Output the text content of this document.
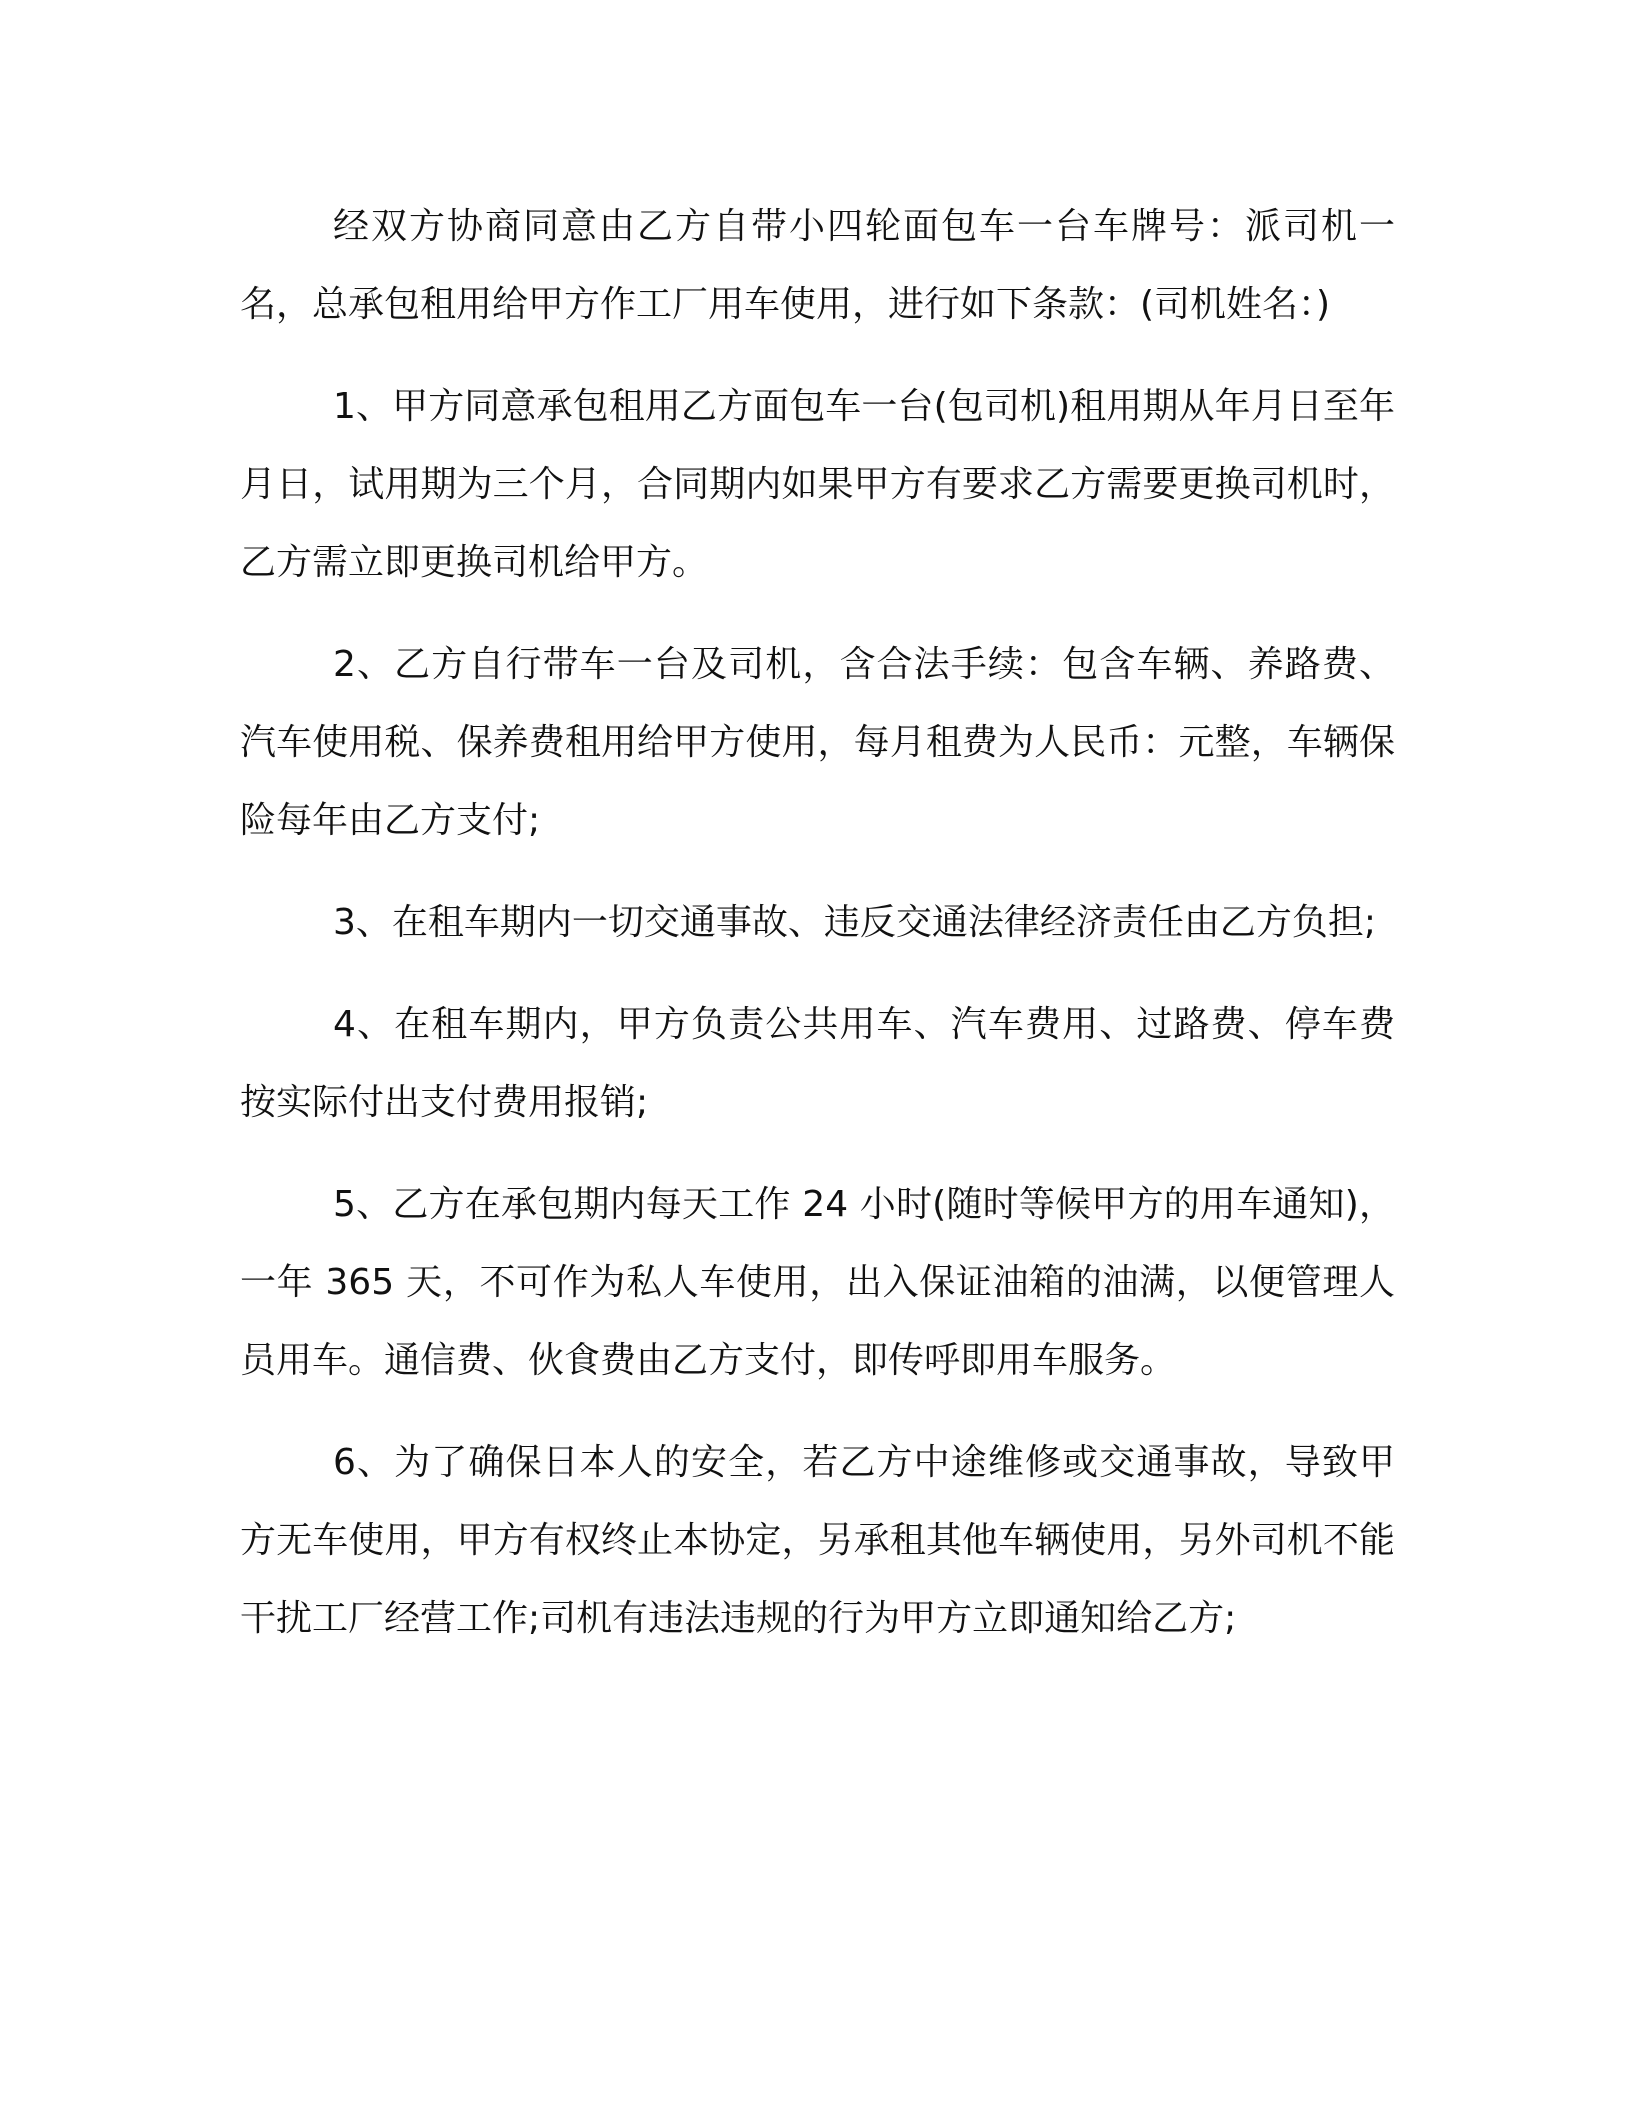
经双方协商同意由乙方自带小四轮面包车一台车牌号：派司机一名，总承包租用给甲方作工厂用车使用，进行如下条款：(司机姓名：)

1、甲方同意承包租用乙方面包车一台(包司机)租用期从年月日至年月日，试用期为三个月，合同期内如果甲方有要求乙方需要更换司机时，乙方需立即更换司机给甲方。

2、乙方自行带车一台及司机，含合法手续：包含车辆、养路费、汽车使用税、保养费租用给甲方使用，每月租费为人民币：元整，车辆保险每年由乙方支付;

3、在租车期内一切交通事故、违反交通法律经济责任由乙方负担;

4、在租车期内，甲方负责公共用车、汽车费用、过路费、停车费按实际付出支付费用报销;

5、乙方在承包期内每天工作 24 小时(随时等候甲方的用车通知)，一年 365 天，不可作为私人车使用，出入保证油箱的油满，以便管理人员用车。通信费、伙食费由乙方支付，即传呼即用车服务。

6、为了确保日本人的安全，若乙方中途维修或交通事故，导致甲方无车使用，甲方有权终止本协定，另承租其他车辆使用，另外司机不能干扰工厂经营工作;司机有违法违规的行为甲方立即通知给乙方;
